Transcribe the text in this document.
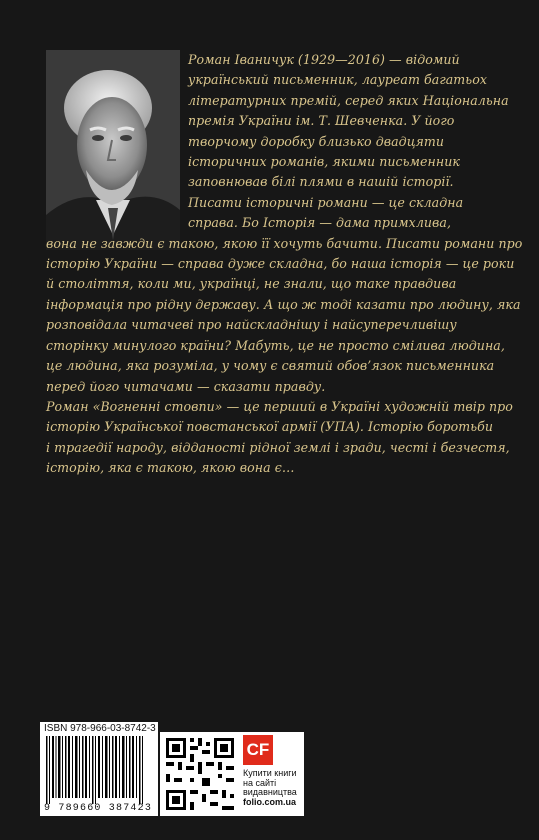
Роман Іваничук (1929—2016) — відомий
український письменник, лауреат багатьох
літературних премій, серед яких Національна
премія України ім. Т. Шевченка. У його
творчому доробку близько двадцяти
історичних романів, якими письменник
заповнював білі плями в нашій історії.
Писати історичні романи — це складна
справа. Бо Історія — дама примхлива,
вона не завжди є такою, якою її хочуть бачити. Писати романи про
історію України — справа дуже складна, бо наша історія — це роки
й століття, коли ми, українці, не знали, що таке правдива
інформація про рідну державу. А що ж тоді казати про людину, яка
розповідала читачеві про найскладнішу і найсуперечливішу
сторінку минулого країни? Мабуть, це не просто смілива людина,
це людина, яка розуміла, у чому є святий обов’язок письменника
перед його читачами — сказати правду.
Роман «Вогненні стовпи» — це перший в Україні художній твір про
історію Української повстанської армії (УПА). Історію боротьби
і трагедії народу, відданості рідної землі і зради, честі і безчестя,
історію, яка є такою, якою вона є…
ISBN 978-966-03-8742-3
9 789660 387423
CF
Купити книги
на сайті
видавництва
folio.com.ua
